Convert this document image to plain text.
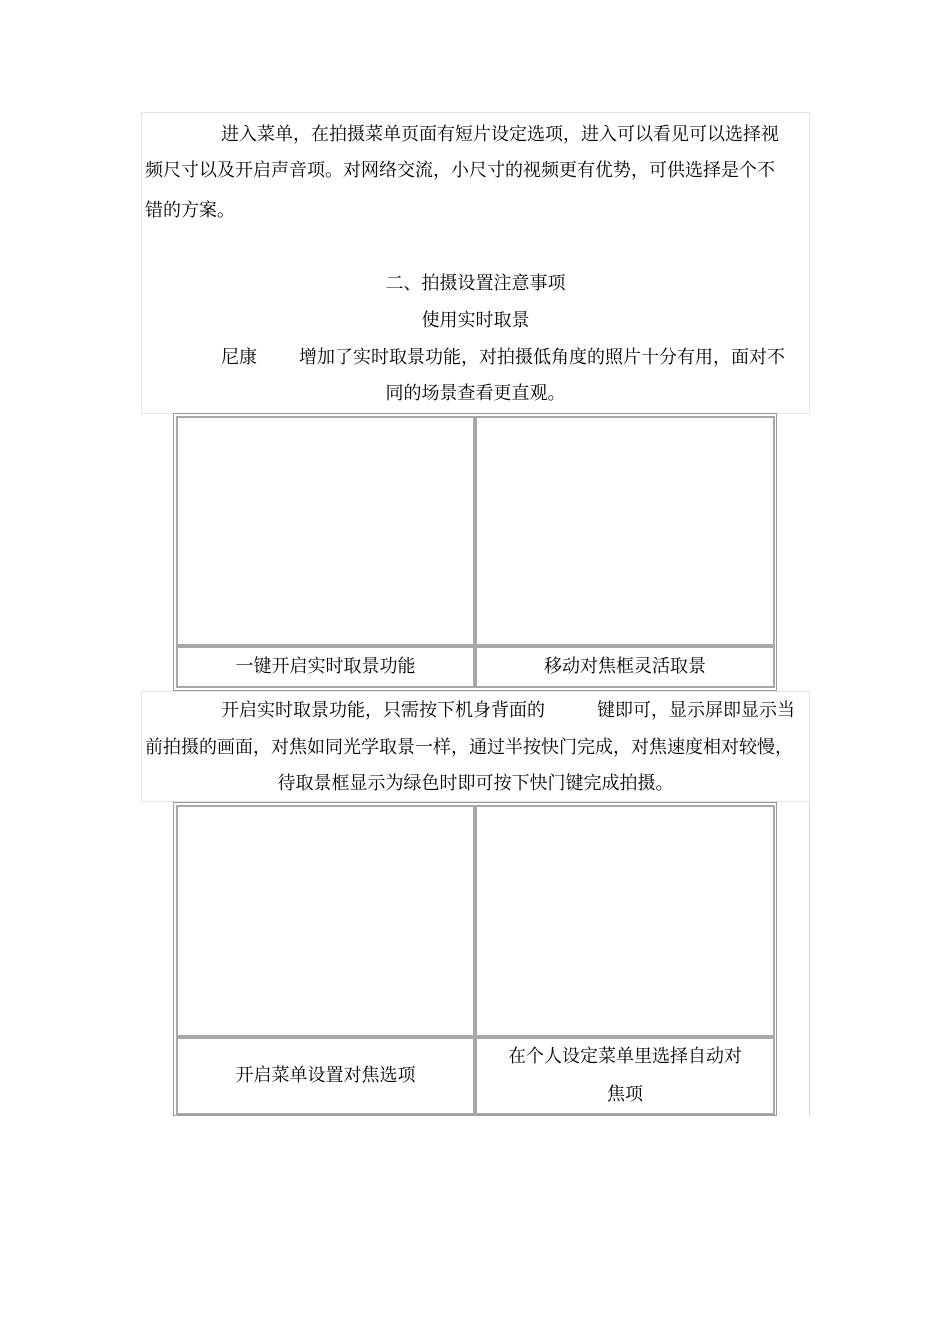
进入菜单，在拍摄菜单页面有短片设定选项，进入可以看见可以选择视
频尺寸以及开启声音项。对网络交流，小尺寸的视频更有优势，可供选择是个不
错的方案。
二、拍摄设置注意事项
使用实时取景
尼康 增加了实时取景功能，对拍摄低角度的照片十分有用，面对不
同的场景查看更直观。
一键开启实时取景功能	移动对焦框灵活取景
开启实时取景功能，只需按下机身背面的	键即可，显示屏即显示当
前拍摄的画面，对焦如同光学取景一样，通过半按快门完成，对焦速度相对较慢，
待取景框显示为绿色时即可按下快门键完成拍摄。
开启菜单设置对焦选项
在个人设定菜单里选择自动对
焦项
